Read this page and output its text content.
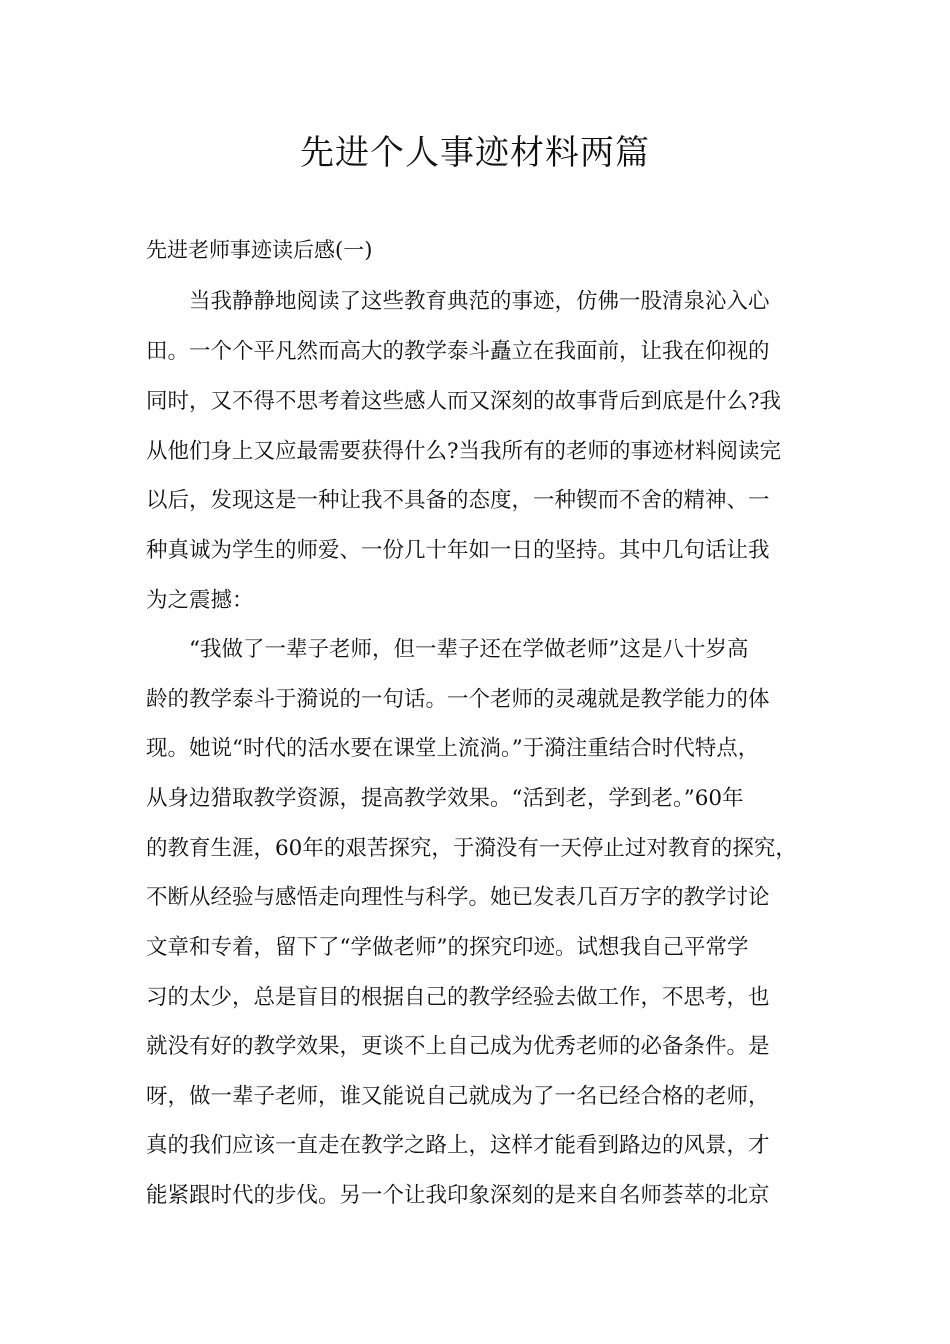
先进个人事迹材料两篇

先进老师事迹读后感(一)

　　当我静静地阅读了这些教育典范的事迹，仿佛一股清泉沁入心

田。一个个平凡然而高大的教学泰斗矗立在我面前，让我在仰视的

同时，又不得不思考着这些感人而又深刻的故事背后到底是什么?我

从他们身上又应最需要获得什么?当我所有的老师的事迹材料阅读完

以后，发现这是一种让我不具备的态度，一种锲而不舍的精神、一

种真诚为学生的师爱、一份几十年如一日的坚持。其中几句话让我

为之震撼：

　　“我做了一辈子老师，但一辈子还在学做老师”这是八十岁高

龄的教学泰斗于漪说的一句话。一个老师的灵魂就是教学能力的体

现。她说“时代的活水要在课堂上流淌。”于漪注重结合时代特点，

从身边猎取教学资源，提高教学效果。“活到老，学到老。”60年

的教育生涯，60年的艰苦探究，于漪没有一天停止过对教育的探究，

不断从经验与感悟走向理性与科学。她已发表几百万字的教学讨论

文章和专着，留下了“学做老师”的探究印迹。试想我自己平常学

习的太少，总是盲目的根据自己的教学经验去做工作，不思考，也

就没有好的教学效果，更谈不上自己成为优秀老师的必备条件。是

呀，做一辈子老师，谁又能说自己就成为了一名已经合格的老师，

真的我们应该一直走在教学之路上，这样才能看到路边的风景，才

能紧跟时代的步伐。另一个让我印象深刻的是来自名师荟萃的北京
